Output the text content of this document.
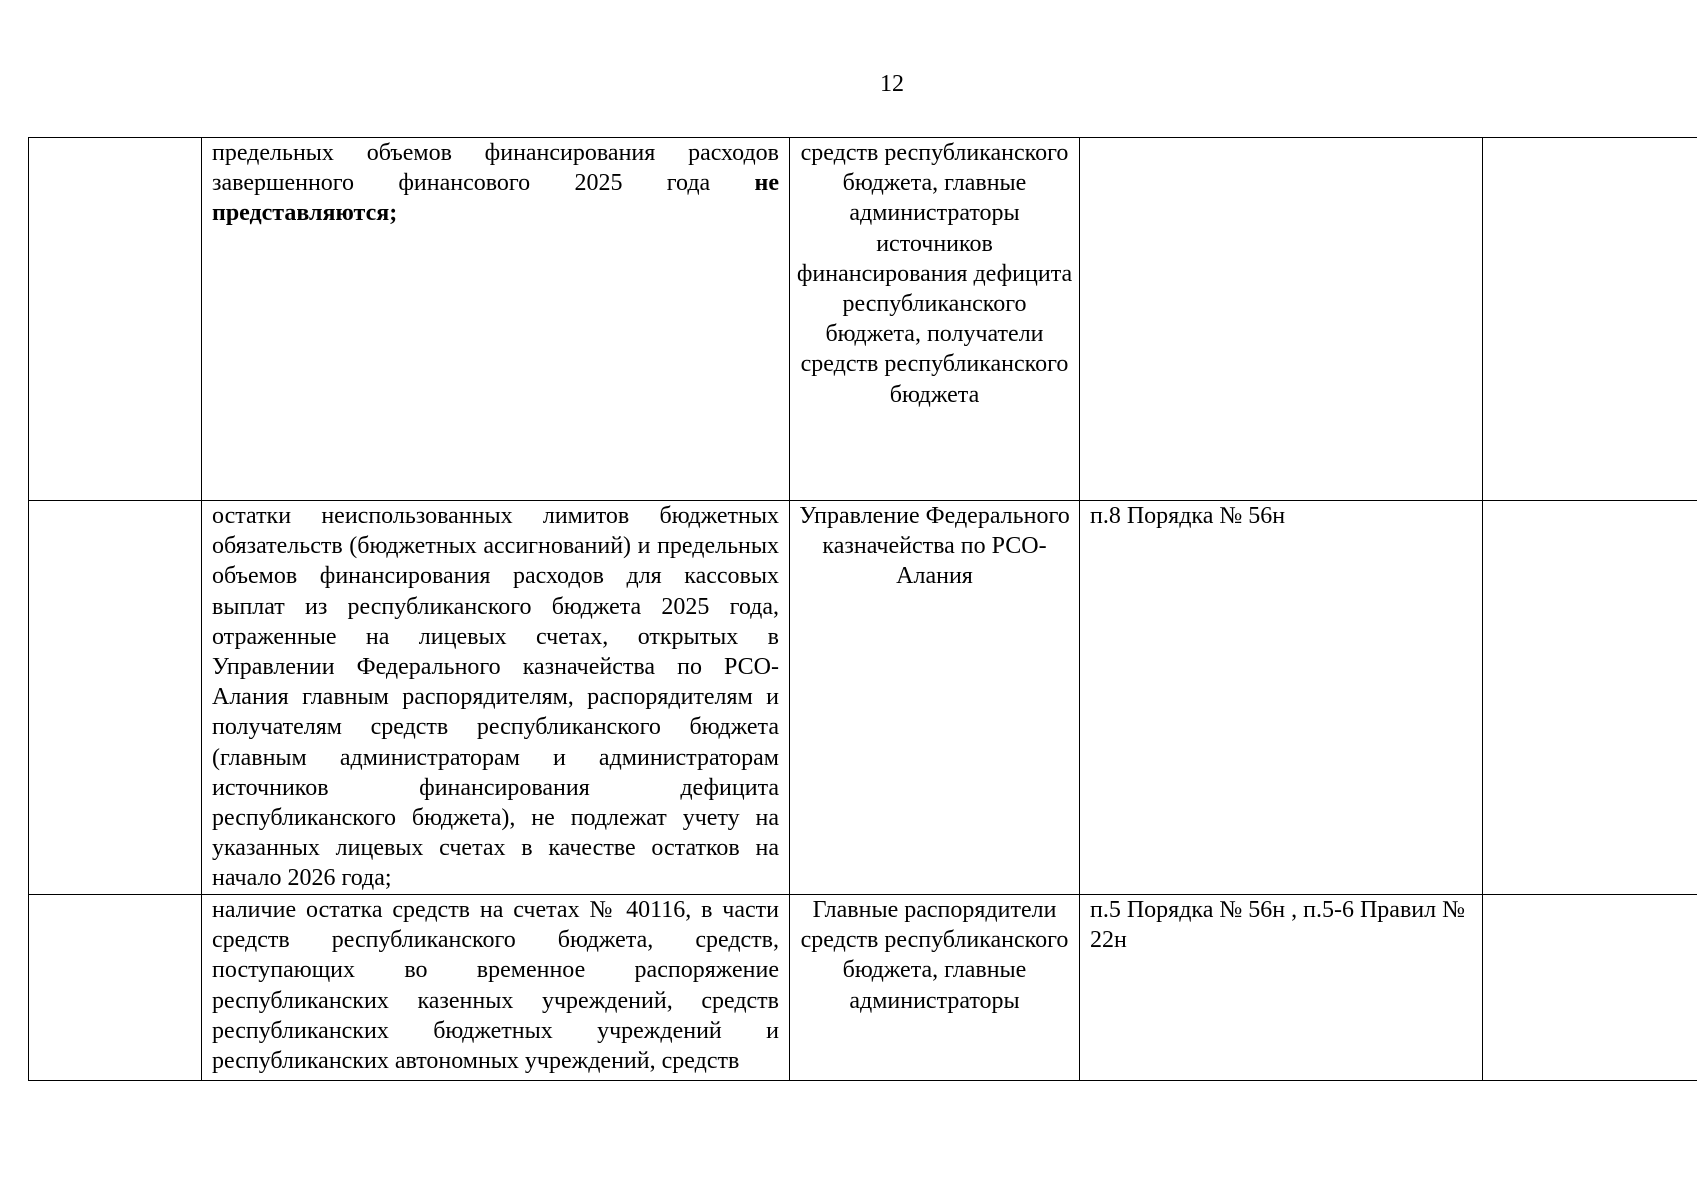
12
	предельных объемов финансирования расходов завершенного финансового 2025 года не представляются;	средств республиканского бюджета, главные администраторы источников финансирования дефицита республиканского бюджета, получатели средств республиканского бюджета		
	остатки неиспользованных лимитов бюджетных обязательств (бюджетных ассигнований) и предельных объемов финансирования расходов для кассовых выплат из республиканского бюджета 2025 года, отраженные на лицевых счетах, открытых в Управлении Федерального казначейства по РСО-Алания главным распорядителям, распорядителям и получателям средств республиканского бюджета (главным администраторам и администраторам источников финансирования дефицита республиканского бюджета), не подлежат учету на указанных лицевых счетах в качестве остатков на начало 2026 года;	Управление Федерального казначейства по РСО-Алания	п.8 Порядка № 56н	
	наличие остатка средств на счетах № 40116, в части средств республиканского бюджета, средств, поступающих во временное распоряжение республиканских казенных учреждений, средств республиканских бюджетных учреждений и республиканских автономных учреждений, средств	Главные распорядители средств республиканского бюджета, главные администраторы	п.5 Порядка № 56н , п.5-6 Правил № 22н	
